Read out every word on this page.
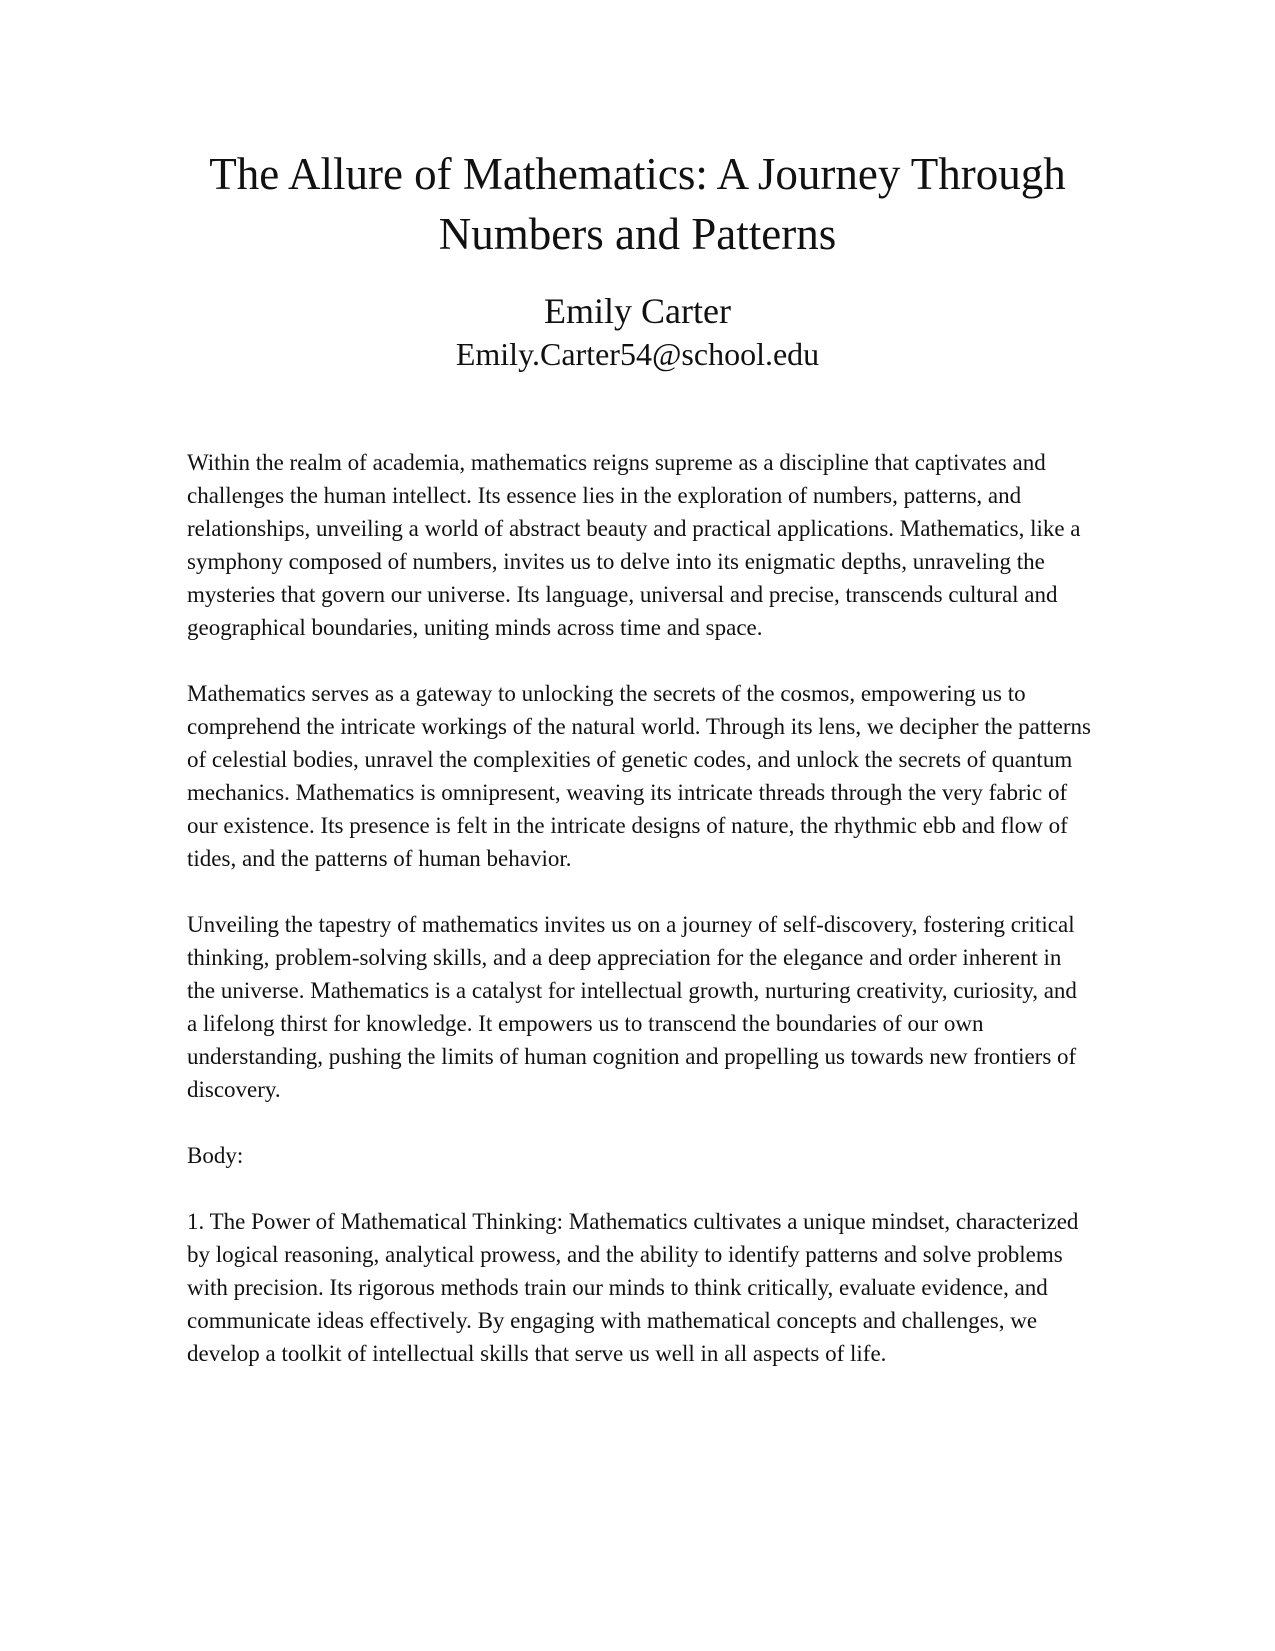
The Allure of Mathematics: A Journey Through Numbers and Patterns
Emily Carter
Emily.Carter54@school.edu

Within the realm of academia, mathematics reigns supreme as a discipline that captivates and challenges the human intellect. Its essence lies in the exploration of numbers, patterns, and relationships, unveiling a world of abstract beauty and practical applications. Mathematics, like a symphony composed of numbers, invites us to delve into its enigmatic depths, unraveling the mysteries that govern our universe. Its language, universal and precise, transcends cultural and geographical boundaries, uniting minds across time and space.

Mathematics serves as a gateway to unlocking the secrets of the cosmos, empowering us to comprehend the intricate workings of the natural world. Through its lens, we decipher the patterns of celestial bodies, unravel the complexities of genetic codes, and unlock the secrets of quantum mechanics. Mathematics is omnipresent, weaving its intricate threads through the very fabric of our existence. Its presence is felt in the intricate designs of nature, the rhythmic ebb and flow of tides, and the patterns of human behavior.

Unveiling the tapestry of mathematics invites us on a journey of self-discovery, fostering critical thinking, problem-solving skills, and a deep appreciation for the elegance and order inherent in the universe. Mathematics is a catalyst for intellectual growth, nurturing creativity, curiosity, and a lifelong thirst for knowledge. It empowers us to transcend the boundaries of our own understanding, pushing the limits of human cognition and propelling us towards new frontiers of discovery.

Body:

1. The Power of Mathematical Thinking: Mathematics cultivates a unique mindset, characterized by logical reasoning, analytical prowess, and the ability to identify patterns and solve problems with precision. Its rigorous methods train our minds to think critically, evaluate evidence, and communicate ideas effectively. By engaging with mathematical concepts and challenges, we develop a toolkit of intellectual skills that serve us well in all aspects of life.
